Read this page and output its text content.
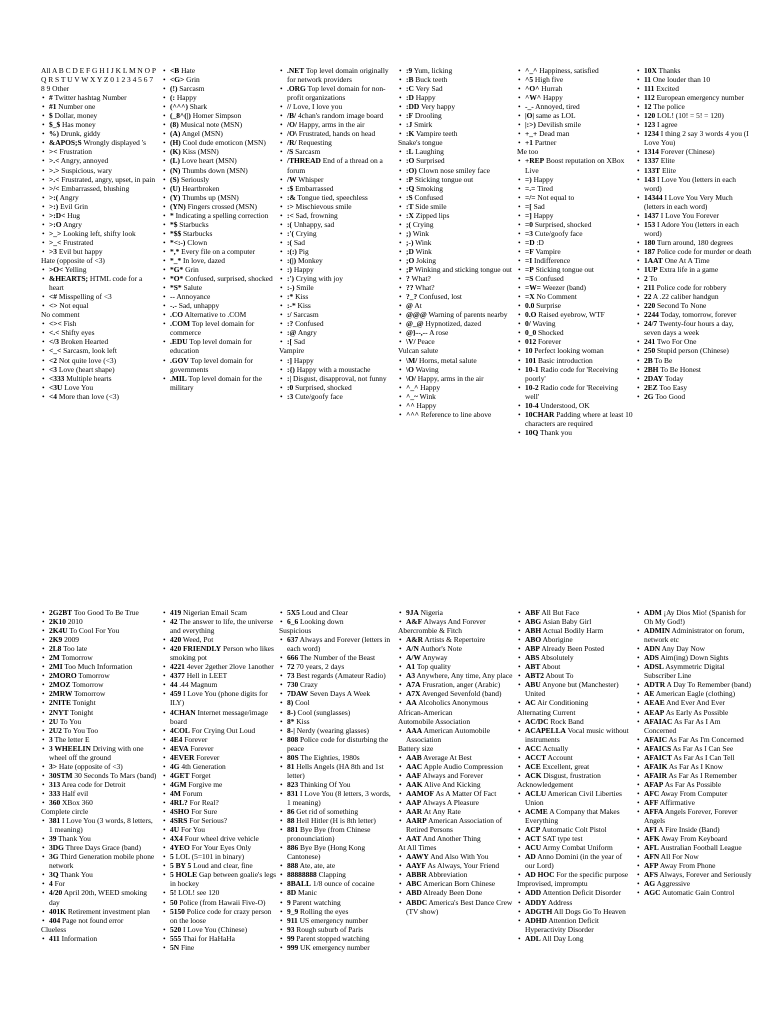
All A B C D E F G H I J K L M N O P Q R S T U V W X Y Z 0 1 2 3 4 5 6 7 8 9 Other
• # Twitter hashtag Number
• #1 Number one
• $ Dollar, money
• $_$ Has money
• %) Drunk, giddy
• &APOS;S Wrongly displayed 's
• >< Frustration
• >.< Angry, annoyed
• >.> Suspicious, wary
• >.< Frustrated, angry, upset, in pain
• >/< Embarrassed, blushing
• >:( Angry
• >:) Evil Grin
• >:D< Hug
• >:O Angry
• >_> Looking left, shifty look
• >_< Frustrated
• >3 Evil but happy
Hate (opposite of <3)
• >O< Yelling
• &HEARTS; HTML code for a heart
• <# Misspelling of <3
• <> Not equal
No comment
• <>< Fish
• <.< Shifty eyes
• </3 Broken Hearted
• <_< Sarcasm, look left
• <2 Not quite love (<3)
• <3 Love (heart shape)
• <333 Multiple hearts
• <3U Love You
• <4 More than love (<3)
• <B Hate
• <G> Grin
• (!) Sarcasm
• (: Happy
• (^^^) Shark
• (_8^(|) Homer Simpson
• (8) Musical note (MSN)
• (A) Angel (MSN)
• (H) Cool dude emoticon (MSN)
• (K) Kiss (MSN)
• (L) Love heart (MSN)
• (N) Thumbs down (MSN)
• (S) Seriously
• (U) Heartbroken
• (Y) Thumbs up (MSN)
• (YN) Fingers crossed (MSN)
• * Indicating a spelling correction
• *$ Starbucks
• *$$ Starbucks
• *<:-) Clown
• *,* Every file on a computer
• *_* In love, dazed
• *G* Grin
• *O* Confused, surprised, shocked
• *S* Salute
• -- Annoyance
• -.- Sad, unhappy
• .CO Alternative to .COM
• .COM Top level domain for commerce
• .EDU Top level domain for education
• .GOV Top level domain for governments
• .MIL Top level domain for the military
• .NET Top level domain originally for network providers
• .ORG Top level domain for non-profit organizations
• // Love, I love you
• /B/ 4chan's random image board
• /O/ Happy, arms in the air
• /O\ Frustrated, hands on head
• /R/ Requesting
• /S Sarcasm
• /THREAD End of a thread on a forum
• /W Whisper
• :$ Embarrassed
• :& Tongue tied, speechless
• :> Mischievous smile
• :< Sad, frowning
• :( Unhappy, sad
• :'( Crying
• :( Sad
• :(:) Pig
• :(|) Monkey
• :) Happy
• :') Crying with joy
• :-) Smile
• :* Kiss
• :-* Kiss
• :/ Sarcasm
• :? Confused
• :@ Angry
• :[ Sad
Vampire
• :] Happy
• :{) Happy with a moustache
• :| Disgust, disapproval, not funny
• :0 Surprised, shocked
• :3 Cute/goofy face
• :9 Yum, licking
• :B Buck teeth
• :C Very Sad
• :D Happy
• :DD Very happy
• :F Drooling
• :J Smirk
• :K Vampire teeth
Snake's tongue
• :L Laughing
• :O Surprised
• :O) Clown nose smiley face
• :P Sticking tongue out
• :Q Smoking
• :S Confused
• :T Side smile
• :X Zipped lips
• ;( Crying
• ;) Wink
• ;-) Wink
• ;D Wink
• ;O Joking
• ;P Winking and sticking tongue out
• ? What?
• ?? What?
• ?_? Confused, lost
• @ At
• @@@ Warning of parents nearby
• @_@ Hypnotized, dazed
• @}--,-- A rose
• \V/ Peace
Vulcan salute
• \M/ Horns, metal salute
• \O Waving
• \O/ Happy, arms in the air
• ^_^ Happy
• ^_~ Wink
• ^^ Happy
• ^^^ Reference to line above
• ^_^ Happiness, satisfied
• ^5 High five
• ^O^ Hurrah
• ^W^ Happy
• -_- Annoyed, tired
• |O| same as LOL
• |:>) Devilish smile
• +_+ Dead man
• +1 Partner
Me too
• +REP Boost reputation on XBox Live
• =) Happy
• =.= Tired
• =/= Not equal to
• =[ Sad
• =] Happy
• =0 Surprised, shocked
• =3 Cute/goofy face
• =D :D
• =F Vampire
• =I Indifference
• =P Sticking tongue out
• =S Confused
• =W= Weezer (band)
• =X No Comment
• 0.0 Surprise
• 0.O Raised eyebrow, WTF
• 0/ Waving
• 0_0 Shocked
• 012 Forever
• 10 Perfect looking woman
• 101 Basic introduction
• 10-1 Radio code for 'Receiving poorly'
• 10-2 Radio code for 'Receiving well'
• 10-4 Understood, OK
• 10CHAR Padding where at least 10 characters are required
• 10Q Thank you
• 10X Thanks
• 11 One louder than 10
• 111 Excited
• 112 European emergency number
• 12 The police
• 120 LOL! (10! = 5! = 120)
• 123 I agree
• 1234 I thing 2 say 3 words 4 you (I Love You)
• 1314 Forever (Chinese)
• 1337 Elite
• 133T Elite
• 143 I Love You (letters in each word)
• 14344 I Love You Very Much (letters in each word)
• 1437 I Love You Forever
• 153 I Adore You (letters in each word)
• 180 Turn around, 180 degrees
• 187 Police code for murder or death
• 1AAT One At A Time
• 1UP Extra life in a game
• 2 To
• 211 Police code for robbery
• 22 A .22 caliber handgun
• 220 Second To None
• 2244 Today, tomorrow, forever
• 24/7 Twenty-four hours a day, seven days a week
• 241 Two For One
• 250 Stupid person (Chinese)
• 2B To Be
• 2BH To Be Honest
• 2DAY Today
• 2EZ Too Easy
• 2G Too Good
• 2G2BT Too Good To Be True
• 2K10 2010
• 2K4U To Cool For You
• 2K9 2009
• 2L8 Too late
• 2M Tomorrow
• 2MI Too Much Information
• 2MORO Tomorrow
• 2MOZ Tomorrow
• 2MRW Tomorrow
• 2NITE Tonight
• 2NYT Tonight
• 2U To You
• 2U2 To You Too
• 3 The letter E
• 3 WHEELIN Driving with one wheel off the ground
• 3> Hate (opposite of <3)
• 30STM 30 Seconds To Mars (band)
• 313 Area code for Detroit
• 333 Half evil
• 360 XBox 360
Complete circle
• 381 I Love You (3 words, 8 letters, 1 meaning)
• 39 Thank You
• 3DG Three Days Grace (band)
• 3G Third Generation mobile phone network
• 3Q Thank You
• 4 For
• 4/20 April 20th, WEED smoking day
• 401K Retirement investment plan
• 404 Page not found error
Clueless
• 411 Information
• 419 Nigerian Email Scam
• 42 The answer to life, the universe and everything
• 420 Weed, Pot
• 420 FRIENDLY Person who likes smoking pot
• 4221 4ever 2gether 2love 1another
• 4377 Hell in LEET
• 44 .44 Magnum
• 459 I Love You (phone digits for ILY)
• 4CHAN Internet message/image board
• 4COL For Crying Out Loud
• 4E4 Forever
• 4EVA Forever
• 4EVER Forever
• 4G 4th Generation
• 4GET Forget
• 4GM Forgive me
• 4M Forum
• 4RL? For Real?
• 4SHO For Sure
• 4SRS For Serious?
• 4U For You
• 4X4 Four wheel drive vehicle
• 4YEO For Your Eyes Only
• 5 LOL (5=101 in binary)
• 5 BY 5 Loud and clear, fine
• 5 HOLE Gap between goalie's legs in hockey
• 5! LOL! see 120
• 50 Police (from Hawaii Five-O)
• 5150 Police code for crazy person on the loose
• 520 I Love You (Chinese)
• 555 Thai for HaHaHa
• 5N Fine
• 5X5 Loud and Clear
• 6_6 Looking down
Suspicious
• 637 Always and Forever (letters in each word)
• 666 The Number of the Beast
• 72 70 years, 2 days
• 73 Best regards (Amateur Radio)
• 730 Crazy
• 7DAW Seven Days A Week
• 8) Cool
• 8-) Cool (sunglasses)
• 8* Kiss
• 8-| Nerdy (wearing glasses)
• 808 Police code for disturbing the peace
• 80S The Eighties, 1980s
• 81 Hells Angels (HA 8th and 1st letter)
• 823 Thinking Of You
• 831 I Love You (8 letters, 3 words, 1 meaning)
• 86 Get rid of something
• 88 Heil Hitler (H is 8th letter)
• 881 Bye Bye (from Chinese pronounciation)
• 886 Bye Bye (Hong Kong Cantonese)
• 888 Ate, ate, ate
• 88888888 Clapping
• 8BALL 1/8 ounce of cocaine
• 8D Manic
• 9 Parent watching
• 9_9 Rolling the eyes
• 911 US emergency number
• 93 Rough suburb of Paris
• 99 Parent stopped watching
• 999 UK emergency number
• 9JA Nigeria
• A&F Always And Forever
Abercrombie & Fitch
• A&R Artists & Repertoire
• A/N Author's Note
• A/W Anyway
• A1 Top quality
• A3 Anywhere, Any time, Any place
• A7A Frusration, anger (Arabic)
• A7X Avenged Sevenfold (band)
• AA Alcoholics Anonymous
African-American
Automobile Association
• AAA American Automobile Association
Battery size
• AAB Average At Best
• AAC Apple Audio Compression
• AAF Always and Forever
• AAK Alive And Kicking
• AAMOF As A Matter Of Fact
• AAP Always A Pleasure
• AAR At Any Rate
• AARP American Association of Retired Persons
• AAT And Another Thing
At All Times
• AAWY And Also With You
• AAYF As Always, Your Friend
• ABBR Abbreviation
• ABC American Born Chinese
• ABD Already Been Done
• ABDC America's Best Dance Crew (TV show)
• ABF All But Face
• ABG Asian Baby Girl
• ABH Actual Bodily Harm
• ABO Aborigine
• ABP Already Been Posted
• ABS Absolutely
• ABT About
• ABT2 About To
• ABU Anyone but (Manchester) United
• AC Air Conditioning
Alternating Current
• AC/DC Rock Band
• ACAPELLA Vocal music without instruments
• ACC Actually
• ACCT Account
• ACE Excellent, great
• ACK Disgust, frustration
Acknowledgement
• ACLU American Civil Liberties Union
• ACME A Company that Makes Everything
• ACP Automatic Colt Pistol
• ACT SAT type test
• ACU Army Combat Uniform
• AD Anno Domini (in the year of our Lord)
• AD HOC For the specific purpose
Improvised, impromptu
• ADD Attention Deficit Disorder
• ADDY Address
• ADGTH All Dogs Go To Heaven
• ADHD Attention Deficit Hyperactivity Disorder
• ADL All Day Long
• ADM ¡Ay Dios Mio! (Spanish for Oh My God!)
• ADMIN Administrator on forum, network etc
• ADN Any Day Now
• ADS Aim(ing) Down Sights
• ADSL Asymmetric Digital Subscriber Line
• ADTR A Day To Remember (band)
• AE American Eagle (clothing)
• AEAE And Ever And Ever
• AEAP As Early As Possible
• AFAIAC As Far As I Am Concerned
• AFAIC As Far As I'm Concerned
• AFAICS As Far As I Can See
• AFAICT As Far As I Can Tell
• AFAIK As Far As I Know
• AFAIR As Far As I Remember
• AFAP As Far As Possible
• AFC Away From Computer
• AFF Affirmative
• AFFA Angels Forever, Forever Angels
• AFI A Fire Inside (Band)
• AFK Away From Keyboard
• AFL Australian Football League
• AFN All For Now
• AFP Away From Phone
• AFS Always, Forever and Seriously
• AG Aggressive
• AGC Automatic Gain Control
